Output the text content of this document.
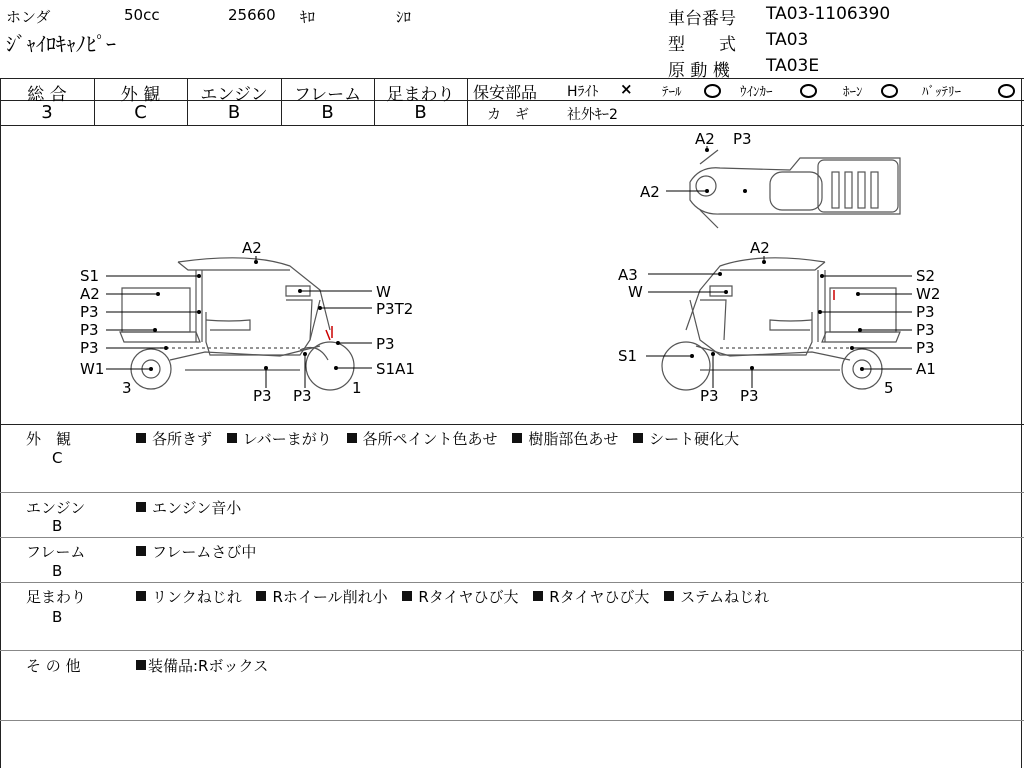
ホンダ	50cc	25660 ｷﾛ	ｼﾛ
ｼﾞｬｲﾛｷｬﾉﾋﾟｰ
車台番号 TA03-1106390
型　　式 TA03
原 動 機 TA03E
総 合	外 観	エンジン	フレーム	足まわり
3	C	B	B	B
保安部品 Hﾗｲﾄ × ﾃｰﾙ	ｳｲﾝｶｰ	ﾎｰﾝ	ﾊﾞｯﾃﾘｰ
カ　ギ	社外ｷｰ2
S1
A2
P3
P3
P3
W1
3
A2
W
P3T2
P3
S1A1
1
P3 P3
A3
W
S1
A2
S2
W2
P3
P3
P3
A1
5
P3 P3
A2 P3
A2
外　観
C
各所きず レバーまがり 各所ペイント色あせ 樹脂部色あせ シート硬化大
エンジン
B
エンジン音小
フレーム
B
フレームさび中
足まわり
B
リンクねじれ Rホイール削れ小 Rタイヤひび大 Rタイヤひび大 ステムねじれ
そ の 他	装備品:Rボックス
